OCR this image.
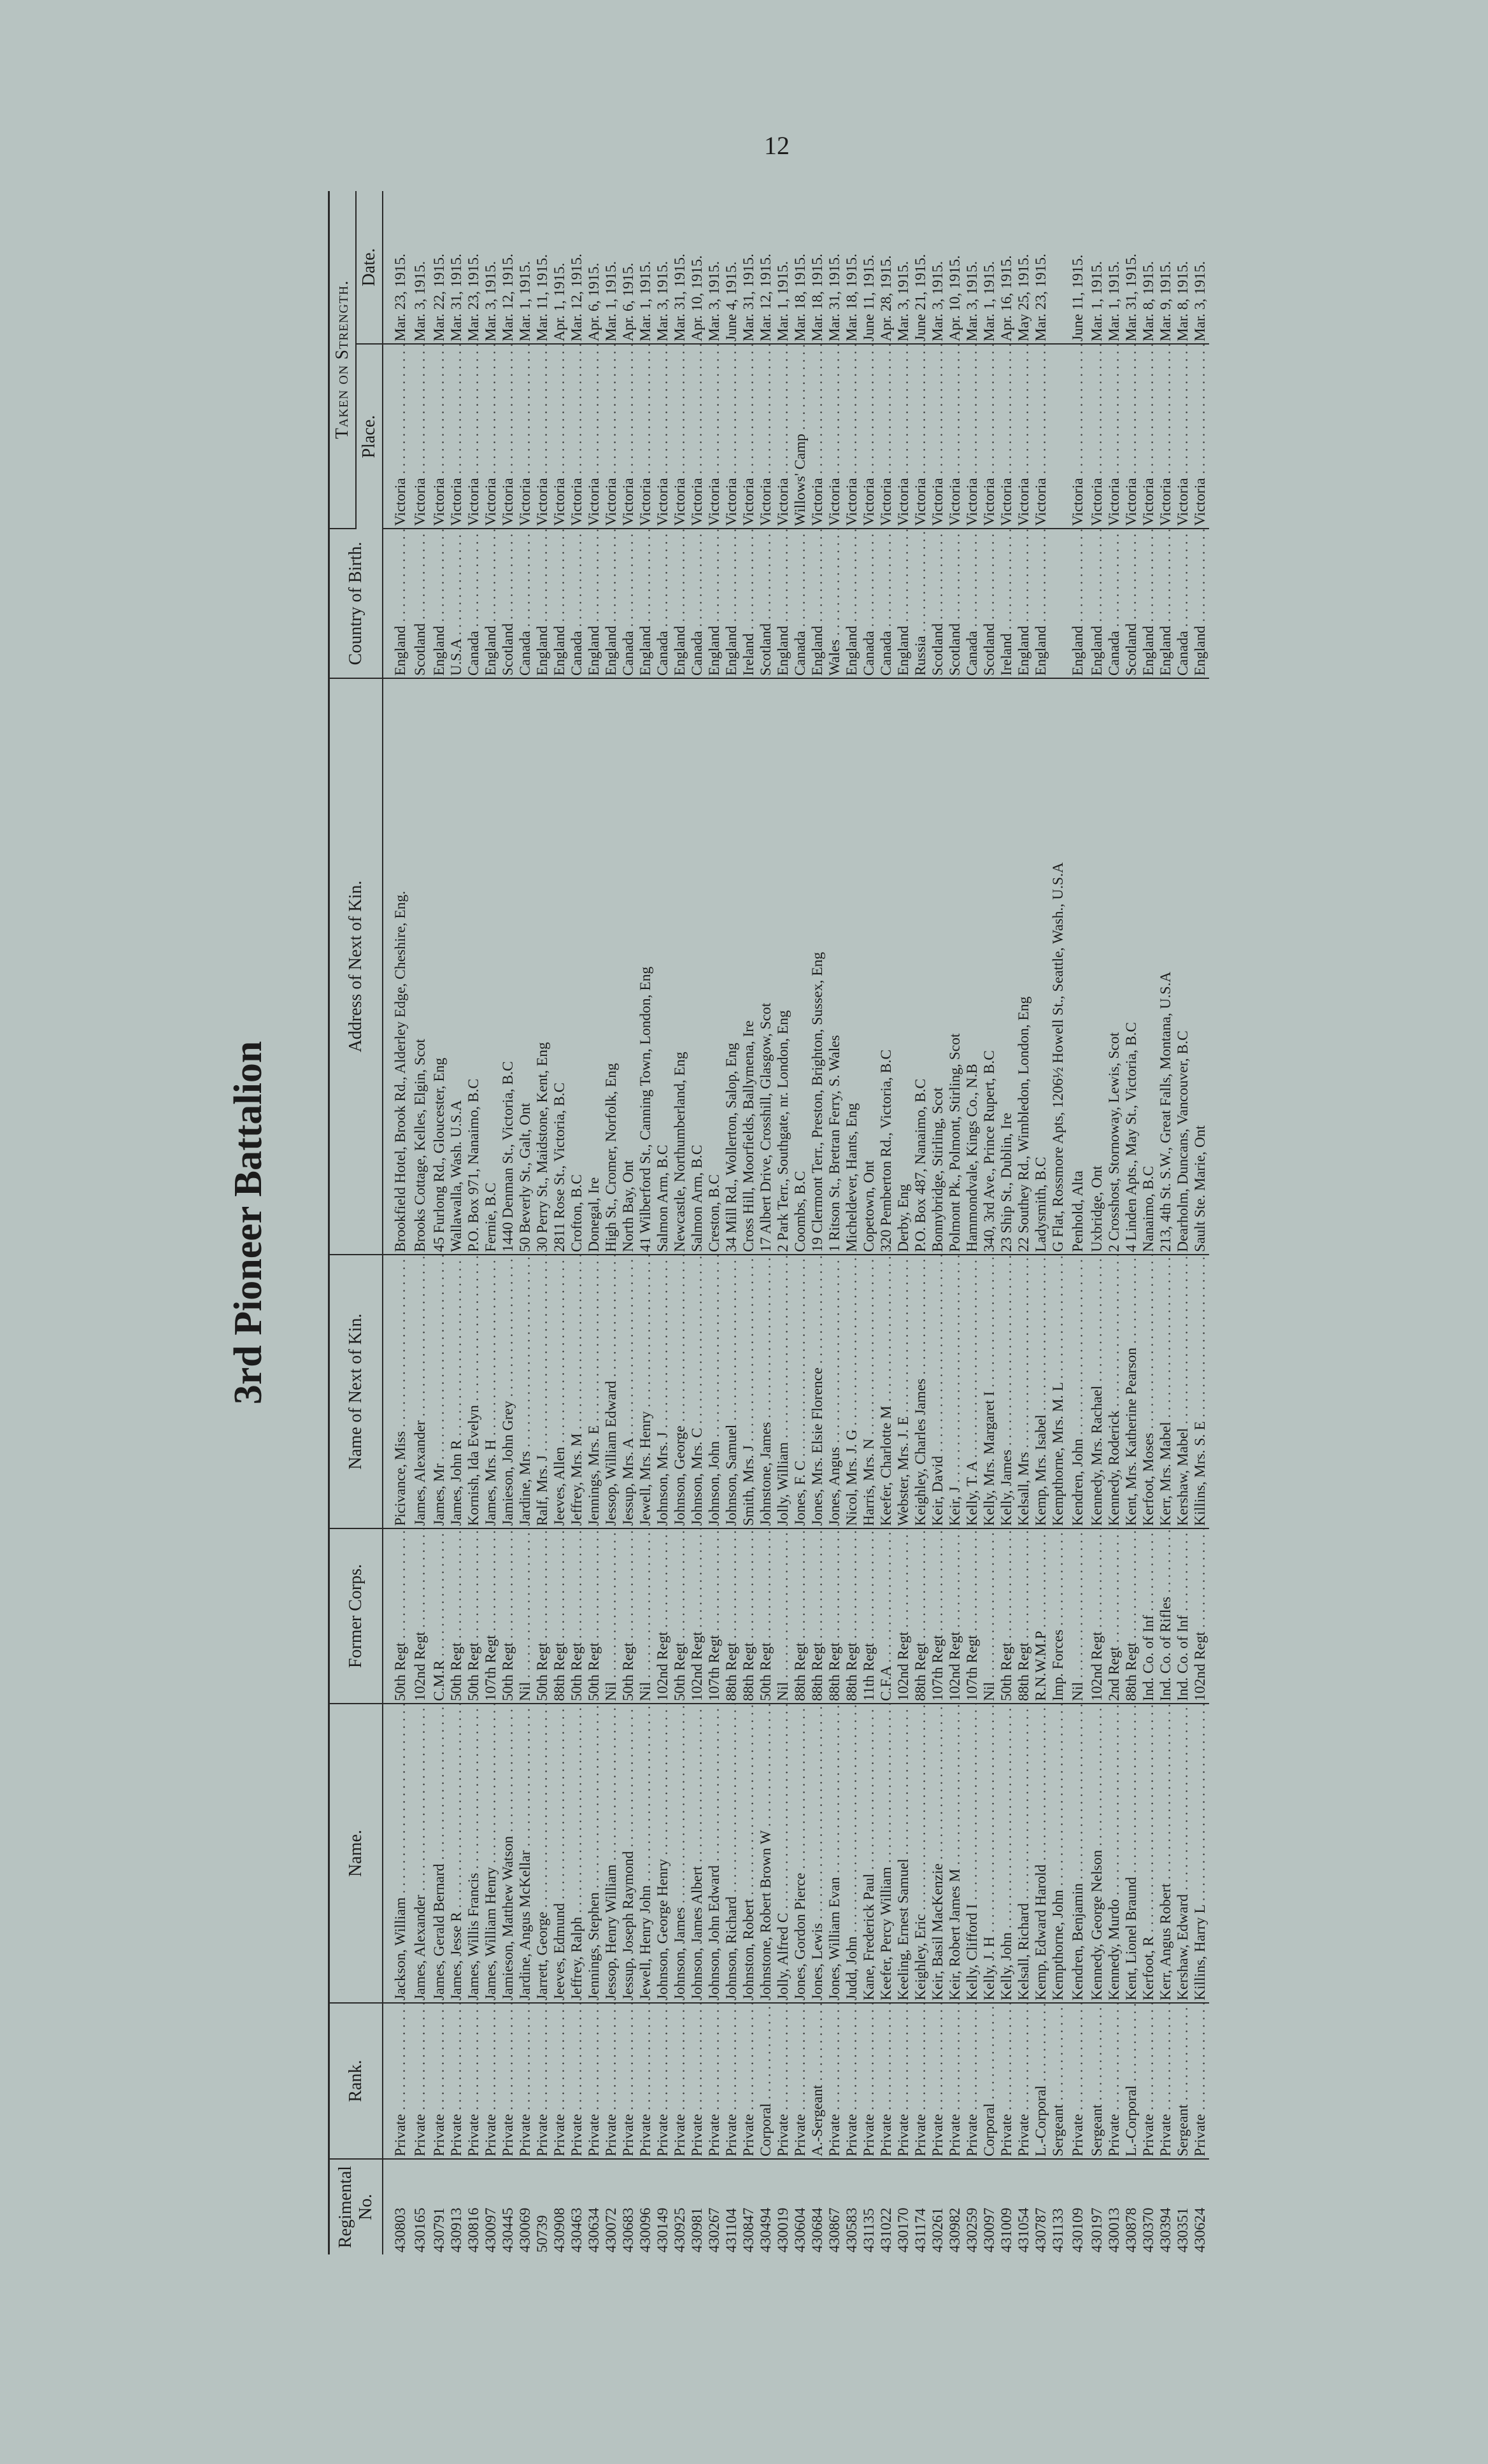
12
3rd Pioneer Battalion
Regimental No.	Rank.	Name.	Former Corps.	Name of Next of Kin.	Address of Next of Kin.	Country of Birth.	Taken on Strength.	
							Place.	Date.
430803	Private . . .	Jackson, William . . .	50th Regt . . .	Picivance, Miss . . .	Brookfield Hotel, Brook Rd., Alderley Edge, Cheshire, Eng.	England . . .	Victoria . . .	Mar. 23, 1915.
430165	Private . . .	James, Alexander . . .	102nd Regt . . .	James, Alexander . . .	Brooks Cottage, Kelles, Elgin, Scot	Scotland . . .	Victoria . . .	Mar. 3, 1915.
430791	Private . . .	James, Gerald Bernard . . .	C.M.R . . .	James, Mr . . .	45 Furlong Rd., Gloucester, Eng	England . . .	Victoria . . .	Mar. 22, 1915.
430913	Private . . .	James, Jesse R . . .	50th Regt . . .	James, John R . . .	Wallawalla, Wash. U.S.A	U.S.A . . .	Victoria . . .	Mar. 31, 1915.
430816	Private . . .	James, Willis Francis . . .	50th Regt . . .	Kornish, Ida Evelyn . . .	P.O. Box 971, Nanaimo, B.C	Canada . . .	Victoria . . .	Mar. 23, 1915.
430097	Private . . .	James, William Henry . . .	107th Regt . . .	James, Mrs. H . . .	Fernie, B.C	England . . .	Victoria . . .	Mar. 3, 1915.
430445	Private . . .	Jamieson, Matthew Watson . . .	50th Regt . . .	Jamieson, John Grey . . .	1440 Denman St., Victoria, B.C	Scotland . . .	Victoria . . .	Mar. 12, 1915.
430069	Private . . .	Jardine, Angus McKellar . . .	Nil . . .	Jardine, Mrs . . .	50 Beverly St., Galt, Ont	Canada . . .	Victoria . . .	Mar. 1, 1915.
50739	Private . . .	Jarrett, George . . .	50th Regt . . .	Ralf, Mrs. J . . .	30 Perry St., Maidstone, Kent, Eng	England . . .	Victoria . . .	Mar. 11, 1915.
430908	Private . . .	Jeeves, Edmund . . .	88th Regt . . .	Jeeves, Allen . . .	2811 Rose St., Victoria, B.C	England . . .	Victoria . . .	Apr. 1, 1915.
430463	Private . . .	Jeffrey, Ralph . . .	50th Regt . . .	Jeffrey, Mrs. M . . .	Crofton, B.C	Canada . . .	Victoria . . .	Mar. 12, 1915.
430634	Private . . .	Jennings, Stephen . . .	50th Regt . . .	Jennings, Mrs. E . . .	Donegal, Ire	England . . .	Victoria . . .	Apr. 6, 1915.
430072	Private . . .	Jessop, Henry William . . .	Nil . . .	Jessop, William Edward . . .	High St., Cromer, Norfolk, Eng	England . . .	Victoria . . .	Mar. 1, 1915.
430683	Private . . .	Jessup, Joseph Raymond . . .	50th Regt . . .	Jessup, Mrs. A . . .	North Bay, Ont	Canada . . .	Victoria . . .	Apr. 6, 1915.
430096	Private . . .	Jewell, Henry John . . .	Nil . . .	Jewell, Mrs. Henry . . .	41 Wilberford St., Canning Town, London, Eng	England . . .	Victoria . . .	Mar. 1, 1915.
430149	Private . . .	Johnson, George Henry . . .	102nd Regt . . .	Johnson, Mrs. J . . .	Salmon Arm, B.C	Canada . . .	Victoria . . .	Mar. 3, 1915.
430925	Private . . .	Johnson, James . . .	50th Regt . . .	Johnson, George . . .	Newcastle, Northumberland, Eng	England . . .	Victoria . . .	Mar. 31, 1915.
430981	Private . . .	Johnson, James Albert . . .	102nd Regt . . .	Johnson, Mrs. C . . .	Salmon Arm, B.C	Canada . . .	Victoria . . .	Apr. 10, 1915.
430267	Private . . .	Johnson, John Edward . . .	107th Regt . . .	Johnson, John . . .	Creston, B.C	England . . .	Victoria . . .	Mar. 3, 1915.
431104	Private . . .	Johnson, Richard . . .	88th Regt . . .	Johnson, Samuel . . .	34 Mill Rd., Wollerton, Salop, Eng	England . . .	Victoria . . .	June 4, 1915.
430847	Private . . .	Johnston, Robert . . .	88th Regt . . .	Smith, Mrs. J . . .	Cross Hill, Moorfields, Ballymena, Ire	Ireland . . .	Victoria . . .	Mar. 31, 1915.
430494	Corporal . . .	Johnstone, Robert Brown W . . .	50th Regt . . .	Johnstone, James . . .	17 Albert Drive, Crosshill, Glasgow, Scot	Scotland . . .	Victoria . . .	Mar. 12, 1915.
430019	Private . . .	Jolly, Alfred C . . .	Nil . . .	Jolly, William . . .	2 Park Terr., Southgate, nr. London, Eng	England . . .	Victoria . . .	Mar. 1, 1915.
430604	Private . . .	Jones, Gordon Pierce . . .	88th Regt . . .	Jones, F. C . . .	Coombs, B.C	Canada . . .	Willows' Camp . . .	Mar. 18, 1915.
430684	A.-Sergeant . . .	Jones, Lewis . . .	88th Regt . . .	Jones, Mrs. Elsie Florence . . .	19 Clermont Terr., Preston, Brighton, Sussex, Eng	England . . .	Victoria . . .	Mar. 18, 1915.
430867	Private . . .	Jones, William Evan . . .	88th Regt . . .	Jones, Angus . . .	1 Ritson St., Bretran Ferry, S. Wales	Wales . . .	Victoria . . .	Mar. 31, 1915.
430583	Private . . .	Judd, John . . .	88th Regt . . .	Nicol, Mrs. J. G . . .	Micheldever, Hants, Eng	England . . .	Victoria . . .	Mar. 18, 1915.
431135	Private . . .	Kane, Frederick Paul . . .	11th Regt . . .	Harris, Mrs. N . . .	Copetown, Ont	Canada . . .	Victoria . . .	June 11, 1915.
431022	Private . . .	Keefer, Percy William . . .	C.F.A . . .	Keefer, Charlotte M . . .	320 Pemberton Rd., Victoria, B.C	Canada . . .	Victoria . . .	Apr. 28, 1915.
430170	Private . . .	Keeling, Ernest Samuel . . .	102nd Regt . . .	Webster, Mrs. J. E . . .	Derby, Eng	England . . .	Victoria . . .	Mar. 3, 1915.
431174	Private . . .	Keighley, Eric . . .	88th Regt . . .	Keighley, Charles James . . .	P.O. Box 487, Nanaimo, B.C	Russia . . .	Victoria . . .	June 21, 1915.
430261	Private . . .	Keir, Basil MacKenzie . . .	107th Regt . . .	Keir, David . . .	Bonnybridge, Stirling, Scot	Scotland . . .	Victoria . . .	Mar. 3, 1915.
430982	Private . . .	Keir, Robert James M . . .	102nd Regt . . .	Keir, J . . .	Polmont Pk., Polmont, Stirling, Scot	Scotland . . .	Victoria . . .	Apr. 10, 1915.
430259	Private . . .	Kelly, Clifford I . . .	107th Regt . . .	Kelly, T. A . . .	Hammondvale, Kings Co., N.B	Canada . . .	Victoria . . .	Mar. 3, 1915.
430097	Corporal . . .	Kelly, J. H . . .	Nil . . .	Kelly, Mrs. Margaret I . . .	340, 3rd Ave., Prince Rupert, B.C	Scotland . . .	Victoria . . .	Mar. 1, 1915.
431009	Private . . .	Kelly, John . . .	50th Regt . . .	Kelly, James . . .	23 Ship St., Dublin, Ire	Ireland . . .	Victoria . . .	Apr. 16, 1915.
431054	Private . . .	Kelsall, Richard . . .	88th Regt . . .	Kelsall, Mrs . . .	22 Southey Rd., Wimbledon, London, Eng	England . . .	Victoria . . .	May 25, 1915.
430787	L.-Corporal . . .	Kemp, Edward Harold . . .	R.N.W.M.P . . .	Kemp, Mrs. Isabel . . .	Ladysmith, B.C	England . . .	Victoria . . .	Mar. 23, 1915.
431133	Sergeant . . .	Kempthorne, John . . .	Imp. Forces . . .	Kempthorne, Mrs. M. L . . .	G Flat, Rossmore Apts, 1206½ Howell St., Seattle, Wash., U.S.A			
430109	Private . . .	Kendren, Benjamin . . .	Nil . . .	Kendren, John . . .	Penhold, Alta	England . . .	Victoria . . .	June 11, 1915.
430197	Sergeant . . .	Kennedy, George Nelson . . .	102nd Regt . . .	Kennedy, Mrs. Rachael . . .	Uxbridge, Ont	England . . .	Victoria . . .	Mar. 1, 1915.
430013	Private . . .	Kennedy, Murdo . . .	2nd Regt . . .	Kennedy, Roderick . . .	2 Crosshost, Stornoway, Lewis, Scot	Canada . . .	Victoria . . .	Mar. 1, 1915.
430878	L.-Corporal . . .	Kent, Lionel Braund . . .	88th Regt . . .	Kent, Mrs. Katherine Pearson . . .	4 Linden Apts., May St., Victoria, B.C	Scotland . . .	Victoria . . .	Mar. 31, 1915.
430370	Private . . .	Kerfoot, R . . .	Ind. Co. of Inf . . .	Kerfoot, Moses . . .	Nanaimo, B.C	England . . .	Victoria . . .	Mar. 8, 1915.
430394	Private . . .	Kerr, Angus Robert . . .	Ind. Co. of Rifles . . .	Kerr, Mrs. Mabel . . .	213, 4th St. S.W., Great Falls, Montana, U.S.A	England . . .	Victoria . . .	Mar. 9, 1915.
430351	Sergeant . . .	Kershaw, Edward . . .	Ind. Co. of Inf . . .	Kershaw, Mabel . . .	Dearholm, Duncans, Vancouver, B.C	Canada . . .	Victoria . . .	Mar. 8, 1915.
430624	Private . . .	Killins, Harry L . . .	102nd Regt . . .	Killins, Mrs. S. E . . .	Sault Ste. Marie, Ont	England . . .	Victoria . . .	Mar. 3, 1915.
